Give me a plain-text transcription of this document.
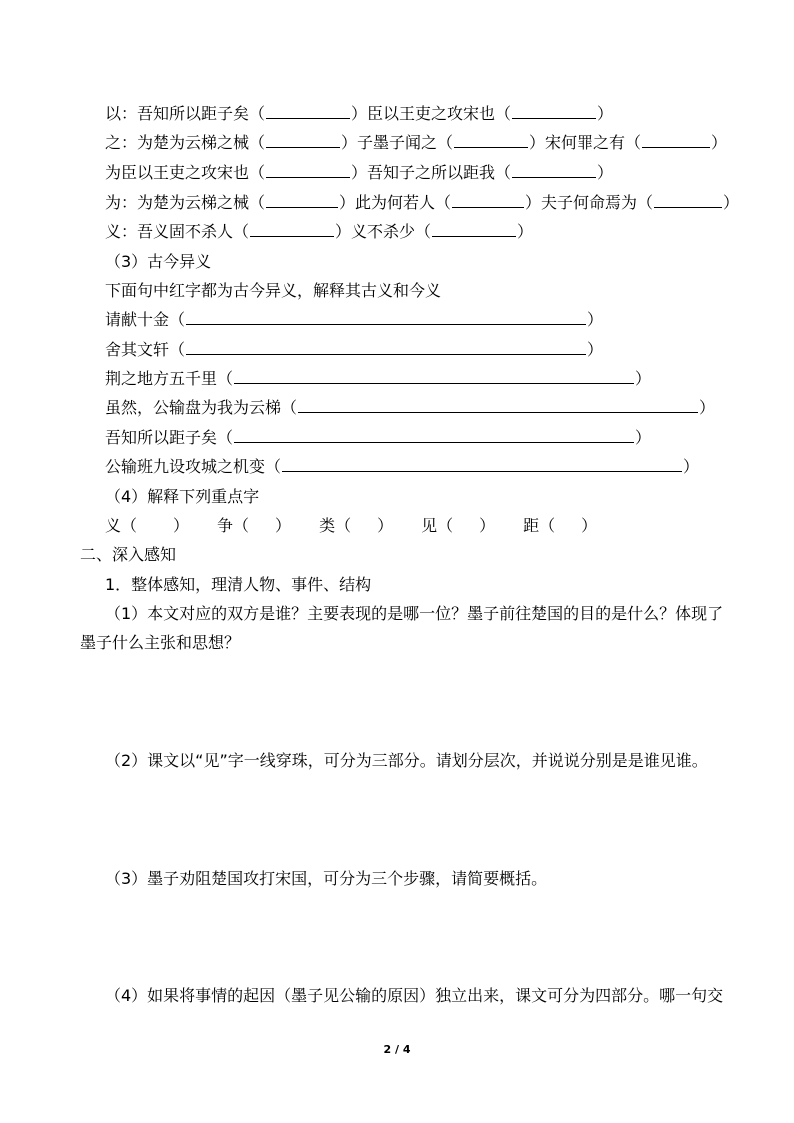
以：吾知所以距子矣（	）臣以王吏之攻宋也（	）
之：为楚为云梯之械（	）子墨子闻之（	）宋何罪之有（	）
为臣以王吏之攻宋也（	）吾知子之所以距我（	）
为：为楚为云梯之械（	）此为何若人（	）夫子何命焉为（	）
义：吾义固不杀人（	）义不杀少（	）
（3）古今异义
下面句中红字都为古今异义，解释其古义和今义
请献十金（	）
舍其文轩（	）
荆之地方五千里（	）
虽然，公输盘为我为云梯（	）
吾知所以距子矣（	）
公输班九设攻城之机变（	）
（4）解释下列重点字
义（ ） 争（ ） 类（ ） 见（ ） 距（ ）
二、深入感知
1．整体感知，理清人物、事件、结构
（1）本文对应的双方是谁？主要表现的是哪一位？墨子前往楚国的目的是什么？体现了
墨子什么主张和思想？
（2）课文以“见”字一线穿珠，可分为三部分。请划分层次，并说说分别是是谁见谁。
（3）墨子劝阻楚国攻打宋国，可分为三个步骤，请简要概括。
（4）如果将事情的起因（墨子见公输的原因）独立出来，课文可分为四部分。哪一句交
2 / 4
